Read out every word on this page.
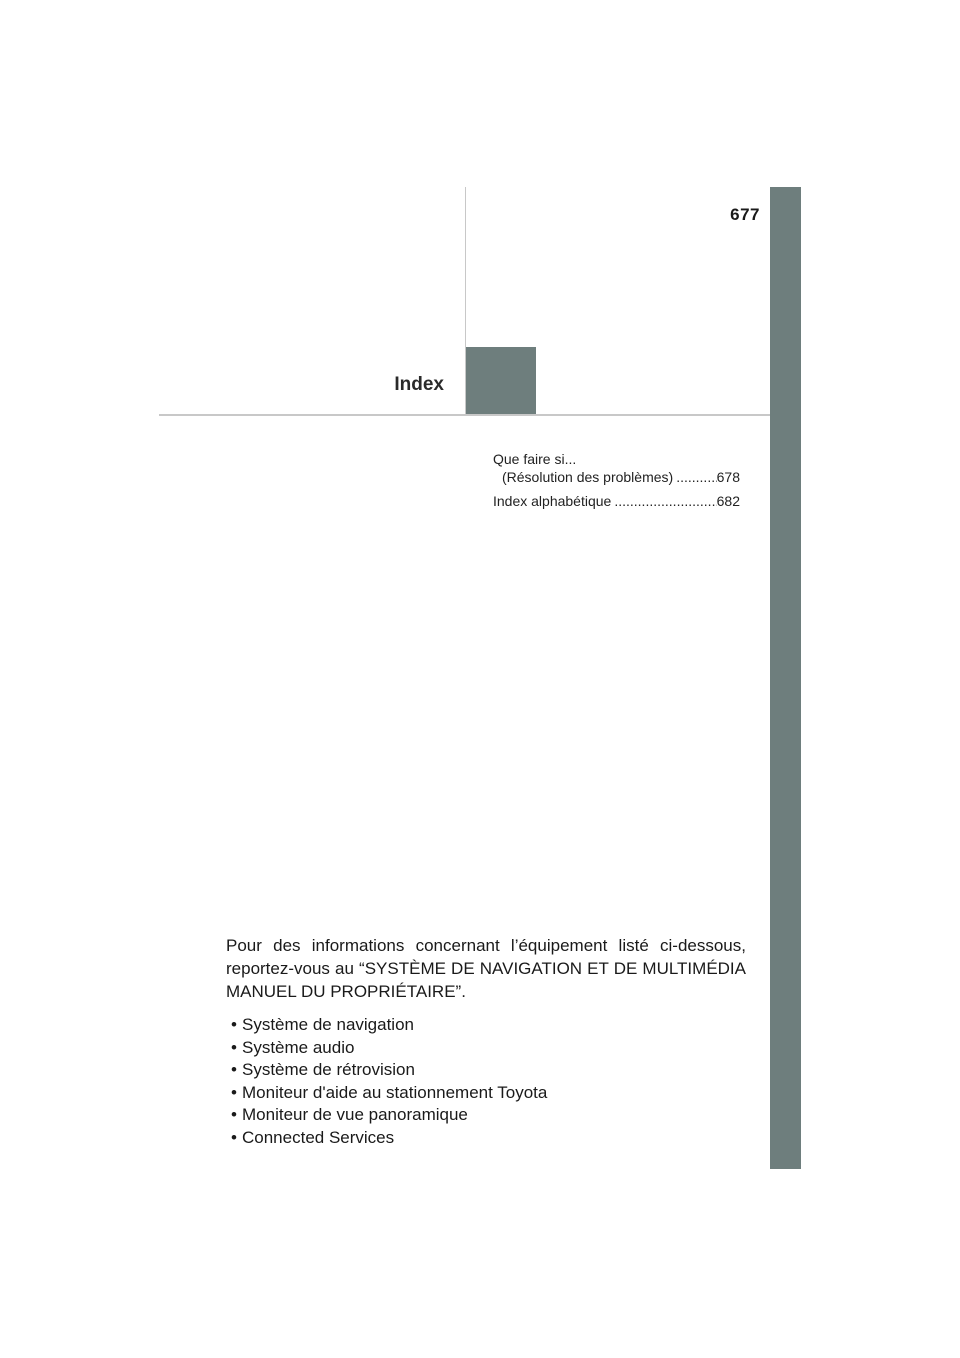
677
Index
Que faire si...
(Résolution des problèmes) .....	678
Index alphabétique .....	682

Pour des informations concernant l’équipement listé ci-dessous, reportez-vous au “SYSTÈME DE NAVIGATION ET DE MULTIMÉDIA MANUEL DU PROPRIÉTAIRE”.

• Système de navigation
• Système audio
• Système de rétrovision
• Moniteur d'aide au stationnement Toyota
• Moniteur de vue panoramique
• Connected Services
